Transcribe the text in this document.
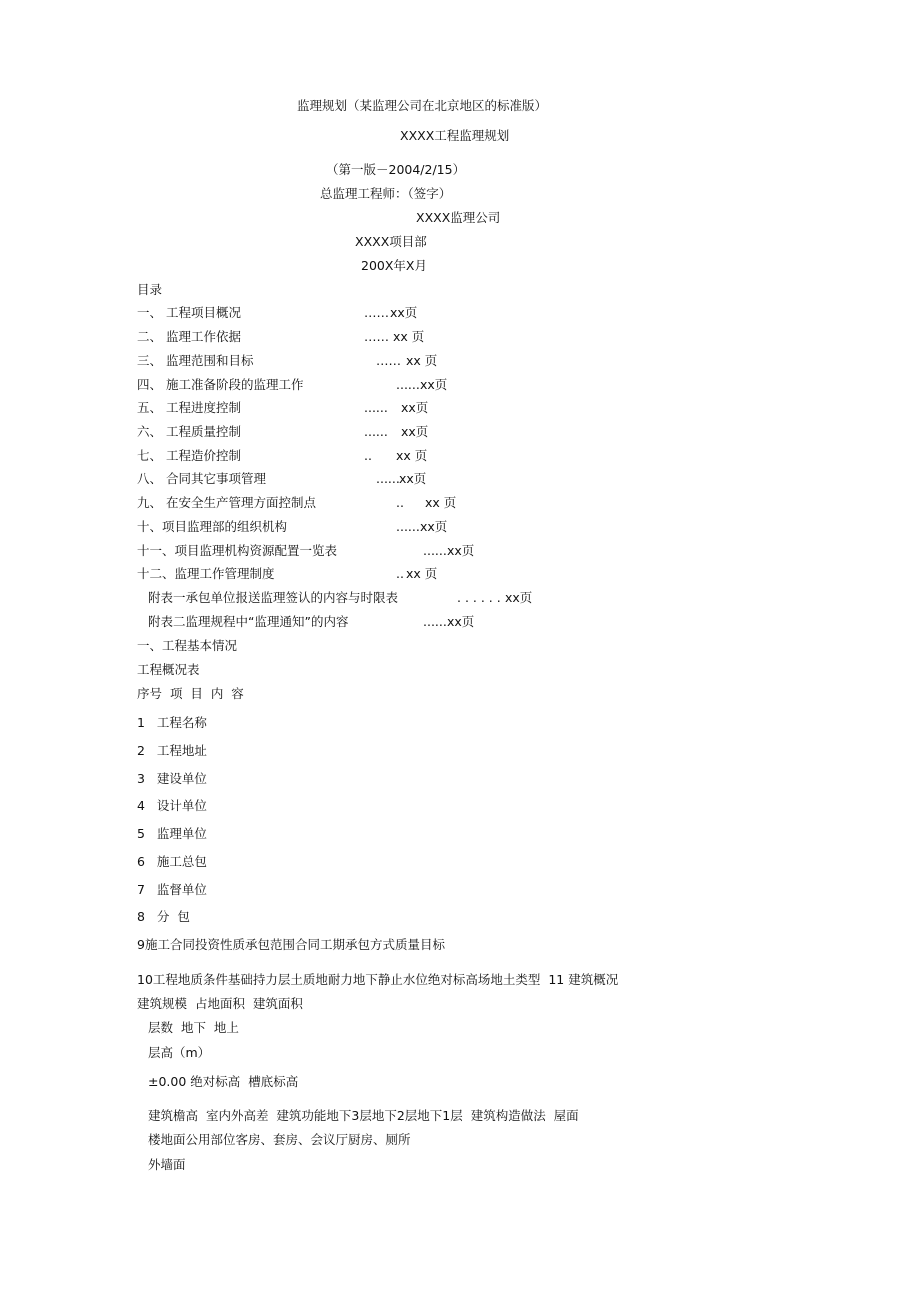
监理规划（某监理公司在北京地区的标准版）
XXXX工程监理规划
（第一版－2004/2/15）
总监理工程师：（签字）
XXXX监理公司
XXXX项目部
200X年X月
目录
一、 工程项目概况	…… xx页
二、 监理工作依据	…… xx 页
三、 监理范围和目标	…… xx 页
四、 施工准备阶段的监理工作	...... xx页
五、 工程进度控制	...... xx页
六、 工程质量控制	...... xx页
七、 工程造价控制	.. xx 页
八、 合同其它事项管理	...... xx页
九、 在安全生产管理方面控制点	.. xx 页
十、项目监理部的组织机构	...... xx页
十一、项目监理机构资源配置一览表	...... xx页
十二、监理工作管理制度	.. xx 页
附表一承包单位报送监理签认的内容与时限表	. . . . . . xx页
附表二监理规程中“监理通知”的内容	...... xx页
一、工程基本情况
工程概况表
序号  项  目  内  容
1   工程名称
2   工程地址
3   建设单位
4   设计单位
5   监理单位
6   施工总包
7   监督单位
8   分  包
9施工合同投资性质承包范围合同工期承包方式质量目标
10工程地质条件基础持力层土质地耐力地下静止水位绝对标高场地土类型  11 建筑概况
建筑规模  占地面积  建筑面积
层数  地下  地上
层高（m）
±0.00 绝对标高  槽底标高
建筑檐高  室内外高差  建筑功能地下3层地下2层地下1层  建筑构造做法  屋面
楼地面公用部位客房、套房、会议厅厨房、厕所
外墙面
